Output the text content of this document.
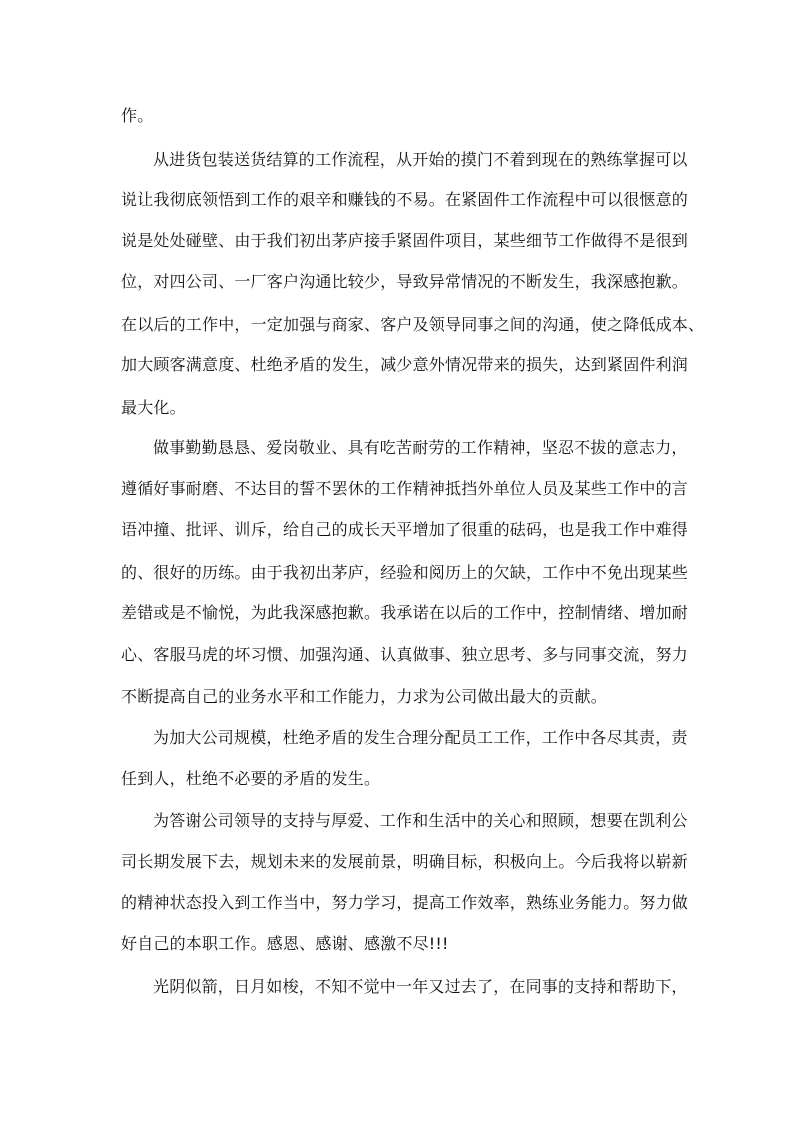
作。
从进货包装送货结算的工作流程，从开始的摸门不着到现在的熟练掌握可以
说让我彻底领悟到工作的艰辛和赚钱的不易。在紧固件工作流程中可以很惬意的
说是处处碰壁、由于我们初出茅庐接手紧固件项目，某些细节工作做得不是很到
位，对四公司、一厂客户沟通比较少，导致异常情况的不断发生，我深感抱歉。
在以后的工作中，一定加强与商家、客户及领导同事之间的沟通，使之降低成本、
加大顾客满意度、杜绝矛盾的发生，减少意外情况带来的损失，达到紧固件利润
最大化。
做事勤勤恳恳、爱岗敬业、具有吃苦耐劳的工作精神，坚忍不拔的意志力，
遵循好事耐磨、不达目的誓不罢休的工作精神抵挡外单位人员及某些工作中的言
语冲撞、批评、训斥，给自己的成长天平增加了很重的砝码，也是我工作中难得
的、很好的历练。由于我初出茅庐，经验和阅历上的欠缺，工作中不免出现某些
差错或是不愉悦，为此我深感抱歉。我承诺在以后的工作中，控制情绪、增加耐
心、客服马虎的坏习惯、加强沟通、认真做事、独立思考、多与同事交流，努力
不断提高自己的业务水平和工作能力，力求为公司做出最大的贡献。
为加大公司规模，杜绝矛盾的发生合理分配员工工作，工作中各尽其责，责
任到人，杜绝不必要的矛盾的发生。
为答谢公司领导的支持与厚爱、工作和生活中的关心和照顾，想要在凯利公
司长期发展下去，规划未来的发展前景，明确目标，积极向上。今后我将以崭新
的精神状态投入到工作当中，努力学习，提高工作效率，熟练业务能力。努力做
好自己的本职工作。感恩、感谢、感激不尽!!!
光阴似箭，日月如梭，不知不觉中一年又过去了，在同事的支持和帮助下，
